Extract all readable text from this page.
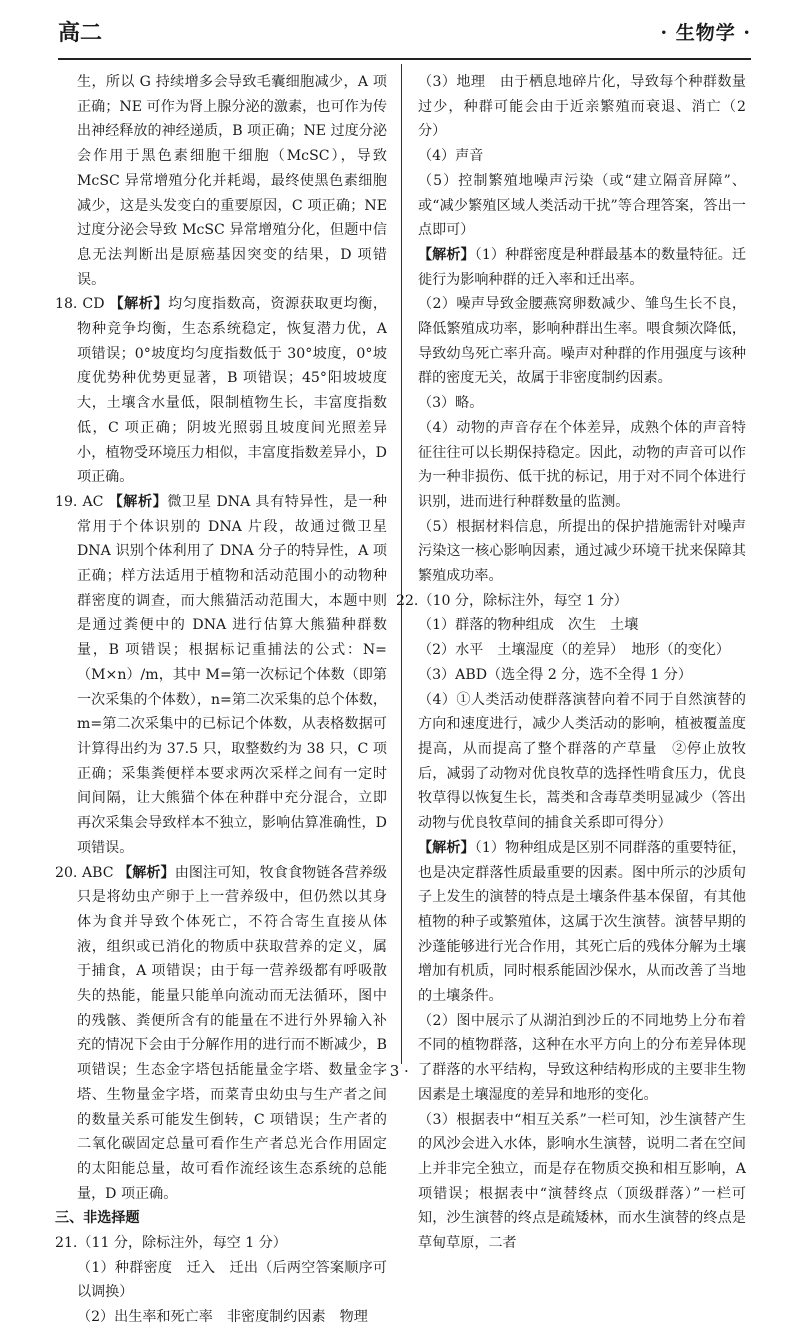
高二	· 生物学 ·

生，所以 G 持续增多会导致毛囊细胞减少，A 项正确；NE 可作为肾上腺分泌的激素，也可作为传出神经释放的神经递质，B 项正确；NE 过度分泌会作用于黑色素细胞干细胞（McSC），导致 McSC 异常增殖分化并耗竭，最终使黑色素细胞减少，这是头发变白的重要原因，C 项正确；NE 过度分泌会导致 McSC 异常增殖分化，但题中信息无法判断出是原癌基因突变的结果，D 项错误。

18. CD 【解析】均匀度指数高，资源获取更均衡，物种竞争均衡，生态系统稳定，恢复潜力优，A 项错误；0°坡度均匀度指数低于 30°坡度，0°坡度优势种优势更显著，B 项错误；45°阳坡坡度大，土壤含水量低，限制植物生长，丰富度指数低，C 项正确；阴坡光照弱且坡度间光照差异小，植物受环境压力相似，丰富度指数差异小，D 项正确。

19. AC 【解析】微卫星 DNA 具有特异性，是一种常用于个体识别的 DNA 片段，故通过微卫星 DNA 识别个体利用了 DNA 分子的特异性，A 项正确；样方法适用于植物和活动范围小的动物种群密度的调查，而大熊猫活动范围大，本题中则是通过粪便中的 DNA 进行估算大熊猫种群数量，B 项错误；根据标记重捕法的公式：N=（M×n）/m，其中 M=第一次标记个体数（即第一次采集的个体数），n=第二次采集的总个体数，m=第二次采集中的已标记个体数，从表格数据可计算得出约为 37.5 只，取整数约为 38 只，C 项正确；采集粪便样本要求两次采样之间有一定时间间隔，让大熊猫个体在种群中充分混合，立即再次采集会导致样本不独立，影响估算准确性，D 项错误。

20. ABC 【解析】由图注可知，牧食食物链各营养级只是将幼虫产卵于上一营养级中，但仍然以其身体为食并导致个体死亡，不符合寄生直接从体液，组织或已消化的物质中获取营养的定义，属于捕食，A 项错误；由于每一营养级都有呼吸散失的热能，能量只能单向流动而无法循环，图中的残骸、粪便所含有的能量在不进行外界输入补充的情况下会由于分解作用的进行而不断减少，B 项错误；生态金字塔包括能量金字塔、数量金字塔、生物量金字塔，而菜青虫幼虫与生产者之间的数量关系可能发生倒转，C 项错误；生产者的二氧化碳固定总量可看作生产者总光合作用固定的太阳能总量，故可看作流经该生态系统的总能量，D 项正确。

三、非选择题

21.（11 分，除标注外，每空 1 分）

（1）种群密度　迁入　迁出（后两空答案顺序可以调换）

（2）出生率和死亡率　非密度制约因素　物理

（3）地理　由于栖息地碎片化，导致每个种群数量过少，种群可能会由于近亲繁殖而衰退、消亡（2 分）

（4）声音

（5）控制繁殖地噪声污染（或“建立隔音屏障”、或“减少繁殖区域人类活动干扰”等合理答案，答出一点即可）

【解析】（1）种群密度是种群最基本的数量特征。迁徙行为影响种群的迁入率和迁出率。

（2）噪声导致金腰燕窝卵数减少、雏鸟生长不良，降低繁殖成功率，影响种群出生率。喂食频次降低，导致幼鸟死亡率升高。噪声对种群的作用强度与该种群的密度无关，故属于非密度制约因素。

（3）略。

（4）动物的声音存在个体差异，成熟个体的声音特征往往可以长期保持稳定。因此，动物的声音可以作为一种非损伤、低干扰的标记，用于对不同个体进行识别，进而进行种群数量的监测。

（5）根据材料信息，所提出的保护措施需针对噪声污染这一核心影响因素，通过减少环境干扰来保障其繁殖成功率。

22.（10 分，除标注外，每空 1 分）

（1）群落的物种组成　次生　土壤

（2）水平　土壤湿度（的差异）　地形（的变化）

（3）ABD（选全得 2 分，选不全得 1 分）

（4）①人类活动使群落演替向着不同于自然演替的方向和速度进行，减少人类活动的影响，植被覆盖度提高，从而提高了整个群落的产草量　②停止放牧后，减弱了动物对优良牧草的选择性啃食压力，优良牧草得以恢复生长，蒿类和含毒草类明显减少（答出动物与优良牧草间的捕食关系即可得分）

【解析】（1）物种组成是区别不同群落的重要特征，也是决定群落性质最重要的因素。图中所示的沙质旬子上发生的演替的特点是土壤条件基本保留，有其他植物的种子或繁殖体，这属于次生演替。演替早期的沙蓬能够进行光合作用，其死亡后的残体分解为土壤增加有机质，同时根系能固沙保水，从而改善了当地的土壤条件。

（2）图中展示了从湖泊到沙丘的不同地势上分布着不同的植物群落，这种在水平方向上的分布差异体现了群落的水平结构，导致这种结构形成的主要非生物因素是土壤湿度的差异和地形的变化。

（3）根据表中“相互关系”一栏可知，沙生演替产生的风沙会进入水体，影响水生演替，说明二者在空间上并非完全独立，而是存在物质交换和相互影响，A 项错误；根据表中“演替终点（顶级群落）”一栏可知，沙生演替的终点是疏矮林，而水生演替的终点是草甸草原，二者

· 3 ·
